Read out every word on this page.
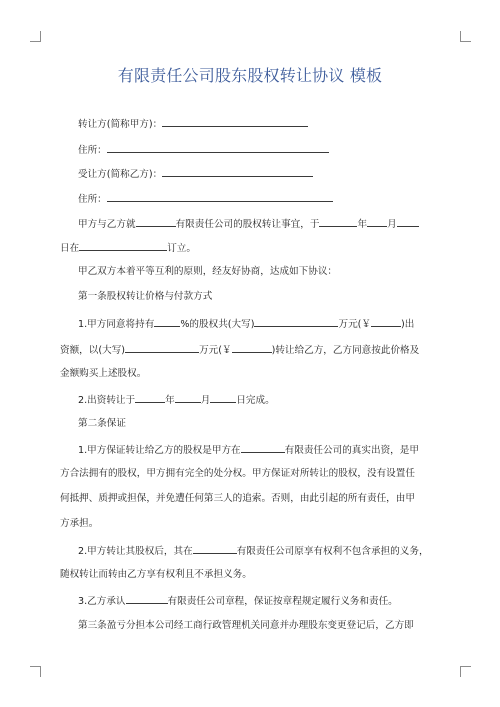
有限责任公司股东股权转让协议 模板
转让方(简称甲方)：
住所：
受让方(简称乙方)：
住所：
甲方与乙方就	有限责任公司的股权转让事宜，于	年 月
日在	订立。
甲乙双方本着平等互利的原则，经友好协商，达成如下协议：
第一条股权转让价格与付款方式
1.甲方同意将持有	%的股权共(大写)	万元(￥	)出
资额，以(大写)	万元(￥	)转让给乙方，乙方同意按此价格及
金额购买上述股权。
2.出资转让于	年	月	日完成。
第二条保证
1.甲方保证转让给乙方的股权是甲方在	有限责任公司的真实出资，是甲
方合法拥有的股权，甲方拥有完全的处分权。甲方保证对所转让的股权，没有设置任
何抵押、质押或担保，并免遭任何第三人的追索。否则，由此引起的所有责任，由甲
方承担。
2.甲方转让其股权后，其在	有限责任公司原享有权利不包含承担的义务，
随权转让而转由乙方享有权利且不承担义务。
3.乙方承认	有限责任公司章程，保证按章程规定履行义务和责任。
第三条盈亏分担本公司经工商行政管理机关同意并办理股东变更登记后，乙方即
